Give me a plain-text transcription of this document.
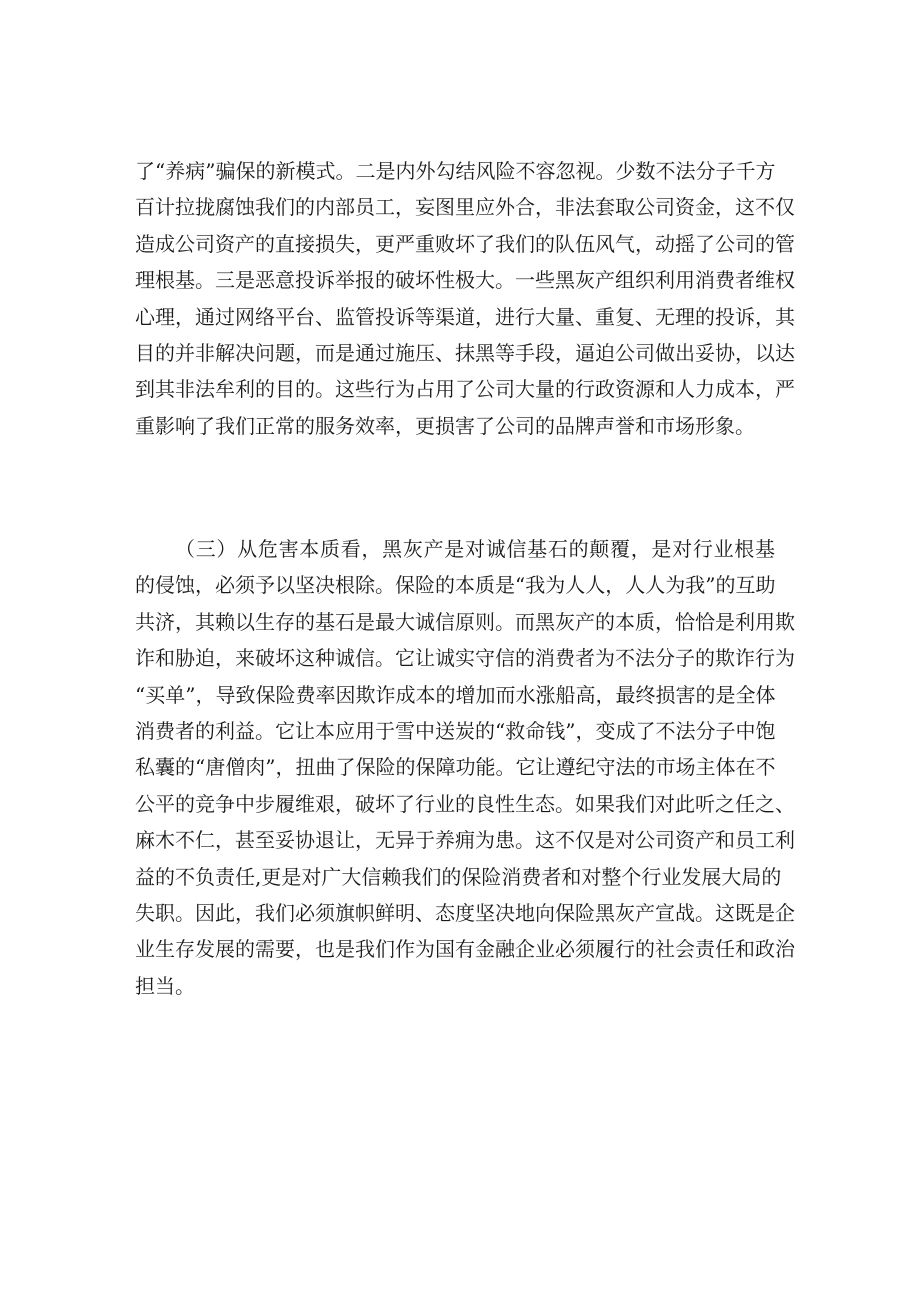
了“养病”骗保的新模式。二是内外勾结风险不容忽视。少数不法分子千方
百计拉拢腐蚀我们的内部员工，妄图里应外合，非法套取公司资金，这不仅
造成公司资产的直接损失，更严重败坏了我们的队伍风气，动摇了公司的管
理根基。三是恶意投诉举报的破坏性极大。一些黑灰产组织利用消费者维权
心理，通过网络平台、监管投诉等渠道，进行大量、重复、无理的投诉，其
目的并非解决问题，而是通过施压、抹黑等手段，逼迫公司做出妥协，以达
到其非法牟利的目的。这些行为占用了公司大量的行政资源和人力成本，严
重影响了我们正常的服务效率，更损害了公司的品牌声誉和市场形象。
（三）从危害本质看，黑灰产是对诚信基石的颠覆，是对行业根基
的侵蚀，必须予以坚决根除。保险的本质是“我为人人，人人为我”的互助
共济，其赖以生存的基石是最大诚信原则。而黑灰产的本质，恰恰是利用欺
诈和胁迫，来破坏这种诚信。它让诚实守信的消费者为不法分子的欺诈行为
“买单”，导致保险费率因欺诈成本的增加而水涨船高，最终损害的是全体
消费者的利益。它让本应用于雪中送炭的“救命钱”，变成了不法分子中饱
私囊的“唐僧肉”，扭曲了保险的保障功能。它让遵纪守法的市场主体在不
公平的竞争中步履维艰，破坏了行业的良性生态。如果我们对此听之任之、
麻木不仁，甚至妥协退让，无异于养痈为患。这不仅是对公司资产和员工利
益的不负责任,更是对广大信赖我们的保险消费者和对整个行业发展大局的
失职。因此，我们必须旗帜鲜明、态度坚决地向保险黑灰产宣战。这既是企
业生存发展的需要，也是我们作为国有金融企业必须履行的社会责任和政治
担当。
